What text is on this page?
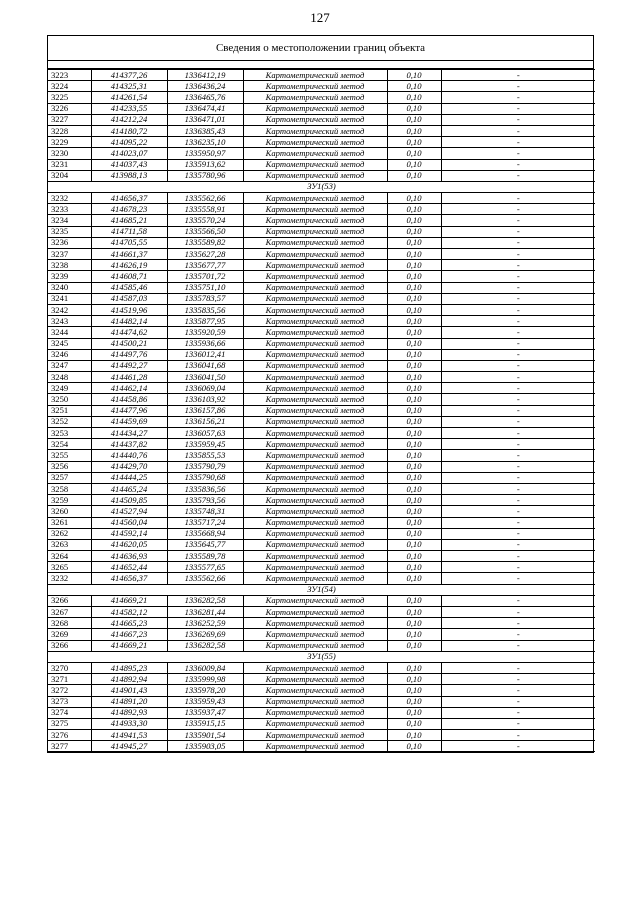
127
Сведения о местоположении границ объекта
3223	414377,26	1336412,19	Картометрический метод	0,10	-
3224	414325,31	1336436,24	Картометрический метод	0,10	-
3225	414261,54	1336465,76	Картометрический метод	0,10	-
3226	414233,55	1336474,41	Картометрический метод	0,10	-
3227	414212,24	1336471,01	Картометрический метод	0,10	-
3228	414180,72	1336385,43	Картометрический метод	0,10	-
3229	414095,22	1336235,10	Картометрический метод	0,10	-
3230	414023,07	1335950,97	Картометрический метод	0,10	-
3231	414037,43	1335913,62	Картометрический метод	0,10	-
3204	413988,13	1335780,96	Картометрический метод	0,10	-
ЗУ1(53)					
3232	414656,37	1335562,66	Картометрический метод	0,10	-
3233	414678,23	1335558,91	Картометрический метод	0,10	-
3234	414685,21	1335570,24	Картометрический метод	0,10	-
3235	414711,58	1335566,50	Картометрический метод	0,10	-
3236	414705,55	1335589,82	Картометрический метод	0,10	-
3237	414661,37	1335627,28	Картометрический метод	0,10	-
3238	414626,19	1335677,77	Картометрический метод	0,10	-
3239	414608,71	1335701,72	Картометрический метод	0,10	-
3240	414585,46	1335751,10	Картометрический метод	0,10	-
3241	414587,03	1335783,57	Картометрический метод	0,10	-
3242	414519,96	1335835,56	Картометрический метод	0,10	-
3243	414482,14	1335877,95	Картометрический метод	0,10	-
3244	414474,62	1335920,59	Картометрический метод	0,10	-
3245	414500,21	1335936,66	Картометрический метод	0,10	-
3246	414497,76	1336012,41	Картометрический метод	0,10	-
3247	414492,27	1336041,68	Картометрический метод	0,10	-
3248	414461,28	1336041,50	Картометрический метод	0,10	-
3249	414462,14	1336069,04	Картометрический метод	0,10	-
3250	414458,86	1336103,92	Картометрический метод	0,10	-
3251	414477,96	1336157,86	Картометрический метод	0,10	-
3252	414459,69	1336156,21	Картометрический метод	0,10	-
3253	414434,27	1336057,63	Картометрический метод	0,10	-
3254	414437,82	1335959,45	Картометрический метод	0,10	-
3255	414440,76	1335855,53	Картометрический метод	0,10	-
3256	414429,70	1335790,79	Картометрический метод	0,10	-
3257	414444,25	1335790,68	Картометрический метод	0,10	-
3258	414465,24	1335836,56	Картометрический метод	0,10	-
3259	414509,85	1335793,56	Картометрический метод	0,10	-
3260	414527,94	1335748,31	Картометрический метод	0,10	-
3261	414560,04	1335717,24	Картометрический метод	0,10	-
3262	414592,14	1335668,94	Картометрический метод	0,10	-
3263	414620,05	1335645,77	Картометрический метод	0,10	-
3264	414636,93	1335589,78	Картометрический метод	0,10	-
3265	414652,44	1335577,65	Картометрический метод	0,10	-
3232	414656,37	1335562,66	Картометрический метод	0,10	-
ЗУ1(54)					
3266	414669,21	1336282,58	Картометрический метод	0,10	-
3267	414582,12	1336281,44	Картометрический метод	0,10	-
3268	414665,23	1336252,59	Картометрический метод	0,10	-
3269	414667,23	1336269,69	Картометрический метод	0,10	-
3266	414669,21	1336282,58	Картометрический метод	0,10	-
ЗУ1(55)					
3270	414895,23	1336009,84	Картометрический метод	0,10	-
3271	414892,94	1335999,98	Картометрический метод	0,10	-
3272	414901,43	1335978,20	Картометрический метод	0,10	-
3273	414891,20	1335959,43	Картометрический метод	0,10	-
3274	414892,93	1335937,47	Картометрический метод	0,10	-
3275	414933,30	1335915,15	Картометрический метод	0,10	-
3276	414941,53	1335901,54	Картометрический метод	0,10	-
3277	414945,27	1335903,05	Картометрический метод	0,10	-
